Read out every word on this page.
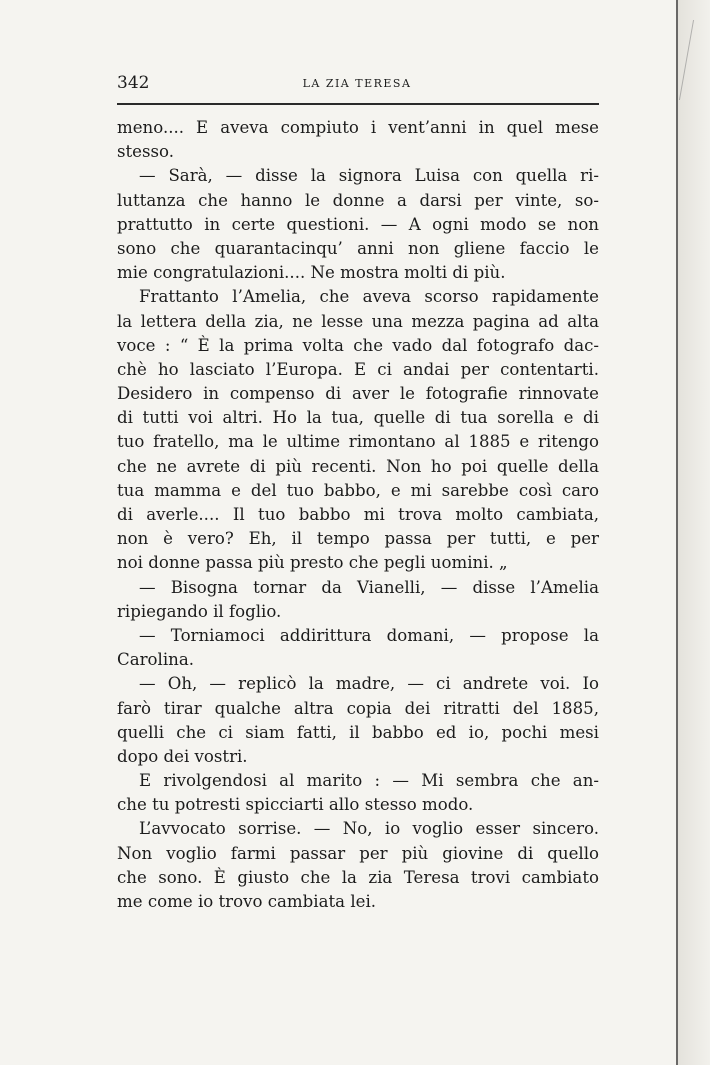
342	LA ZIA TERESA
meno.... E aveva compiuto i vent’anni in quel mese
stesso.
— Sarà, — disse la signora Luisa con quella ri-
luttanza che hanno le donne a darsi per vinte, so-
prattutto in certe questioni. — A ogni modo se non
sono che quarantacinqu’ anni non gliene faccio le
mie congratulazioni.... Ne mostra molti di più.
Frattanto l’Amelia, che aveva scorso rapidamente
la lettera della zia, ne lesse una mezza pagina ad alta
voce : “ È la prima volta che vado dal fotografo dac-
chè ho lasciato l’Europa. E ci andai per contentarti.
Desidero in compenso di aver le fotografie rinnovate
di tutti voi altri. Ho la tua, quelle di tua sorella e di
tuo fratello, ma le ultime rimontano al 1885 e ritengo
che ne avrete di più recenti. Non ho poi quelle della
tua mamma e del tuo babbo, e mi sarebbe così caro
di averle.... Il tuo babbo mi trova molto cambiata,
non è vero? Eh, il tempo passa per tutti, e per
noi donne passa più presto che pegli uomini. „
— Bisogna tornar da Vianelli, — disse l’Amelia
ripiegando il foglio.
— Torniamoci addirittura domani, — propose la
Carolina.
— Oh, — replicò la madre, — ci andrete voi. Io
farò tirar qualche altra copia dei ritratti del 1885,
quelli che ci siam fatti, il babbo ed io, pochi mesi
dopo dei vostri.
E rivolgendosi al marito : — Mi sembra che an-
che tu potresti spicciarti allo stesso modo.
L’avvocato sorrise. — No, io voglio esser sincero.
Non voglio farmi passar per più giovine di quello
che sono. È giusto che la zia Teresa trovi cambiato
me come io trovo cambiata lei.
